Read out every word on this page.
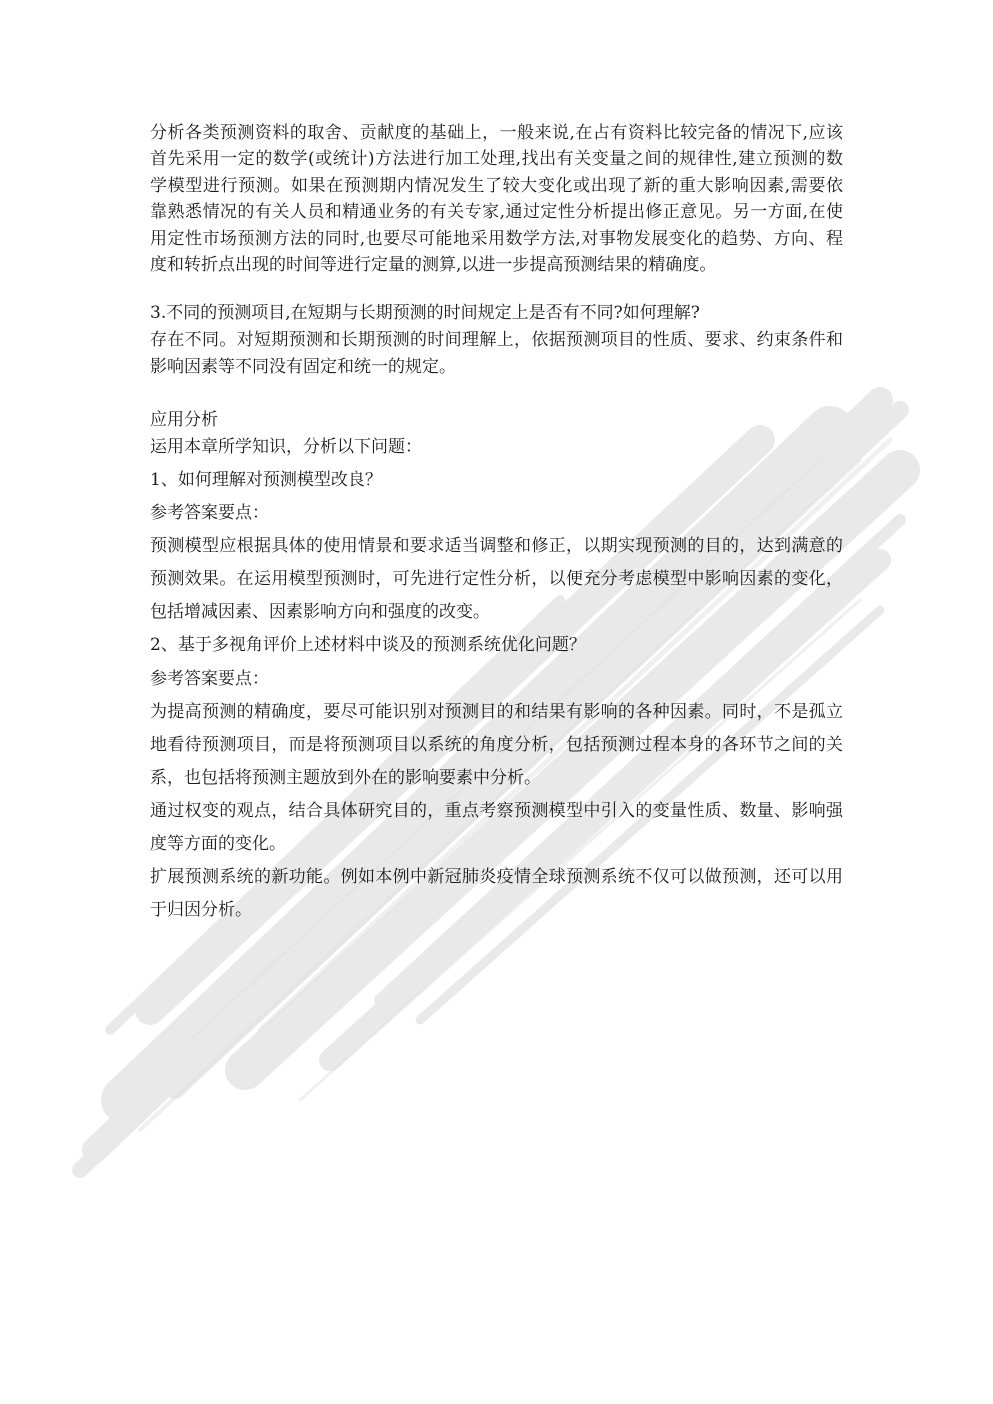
分析各类预测资料的取舍、贡献度的基础上，一般来说,在占有资料比较完备的情况下,应该
首先采用一定的数学(或统计)方法进行加工处理,找出有关变量之间的规律性,建立预测的数
学模型进行预测。如果在预测期内情况发生了较大变化或出现了新的重大影响因素,需要依
靠熟悉情况的有关人员和精通业务的有关专家,通过定性分析提出修正意见。另一方面,在使
用定性市场预测方法的同时,也要尽可能地采用数学方法,对事物发展变化的趋势、方向、程
度和转折点出现的时间等进行定量的测算,以进一步提高预测结果的精确度。
3.不同的预测项目,在短期与长期预测的时间规定上是否有不同?如何理解?
存在不同。对短期预测和长期预测的时间理解上，依据预测项目的性质、要求、约束条件和
影响因素等不同没有固定和统一的规定。
应用分析
运用本章所学知识，分析以下问题：
1、如何理解对预测模型改良？
参考答案要点：
预测模型应根据具体的使用情景和要求适当调整和修正，以期实现预测的目的，达到满意的
预测效果。在运用模型预测时，可先进行定性分析，以便充分考虑模型中影响因素的变化，
包括增减因素、因素影响方向和强度的改变。
2、基于多视角评价上述材料中谈及的预测系统优化问题？
参考答案要点：
为提高预测的精确度，要尽可能识别对预测目的和结果有影响的各种因素。同时，不是孤立
地看待预测项目，而是将预测项目以系统的角度分析，包括预测过程本身的各环节之间的关
系，也包括将预测主题放到外在的影响要素中分析。
通过权变的观点，结合具体研究目的，重点考察预测模型中引入的变量性质、数量、影响强
度等方面的变化。
扩展预测系统的新功能。例如本例中新冠肺炎疫情全球预测系统不仅可以做预测，还可以用
于归因分析。
